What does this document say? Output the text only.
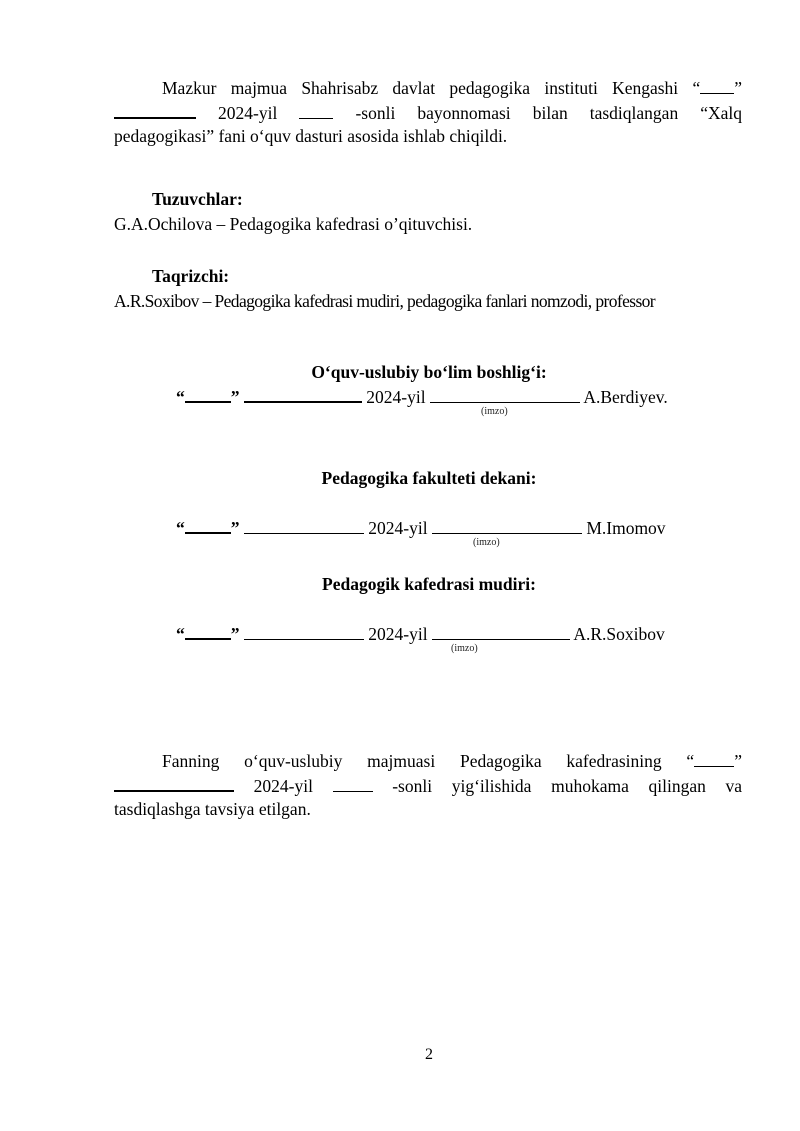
Mazkur majmua Shahrisabz davlat pedagogika instituti Kengashi “ ”
2024-yil	-sonli bayonnomasi bilan tasdiqlangan “Xalq
pedagogikasi” fani o‘quv dasturi asosida ishlab chiqildi.
Tuzuvchlar:
G.A.Ochilova – Pedagogika kafedrasi o’qituvchisi.
Taqrizchi:
A.R.Soxibov – Pedagogika kafedrasi mudiri, pedagogika fanlari nomzodi, professor
O‘quv-uslubiy bo‘lim boshlig‘i:
“	”	2024-yil	A.Berdiyev.
(imzo)
Pedagogika fakulteti dekani:
“	”	2024-yil	M.Imomov
(imzo)
Pedagogik kafedrasi mudiri:
“	”	2024-yil	A.R.Soxibov
(imzo)
Fanning o‘quv-uslubiy majmuasi Pedagogika kafedrasining “ ”
2024-yil	-sonli yig‘ilishida muhokama qilingan va
tasdiqlashga tavsiya etilgan.
2
